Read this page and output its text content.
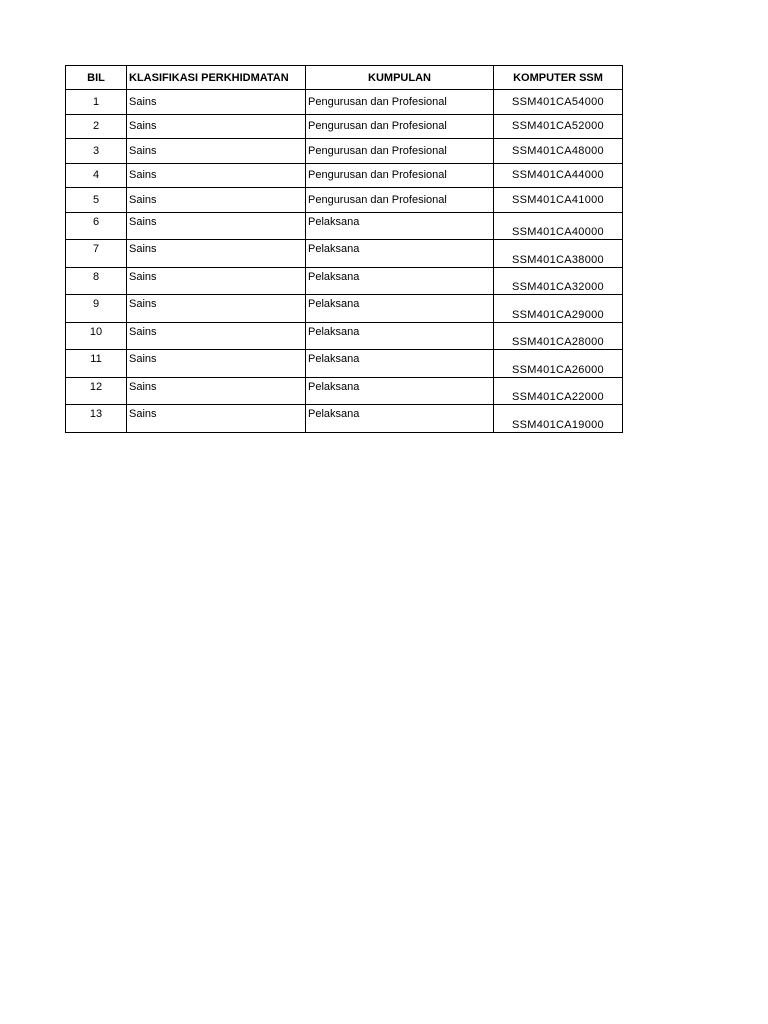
BIL	KLASIFIKASI PERKHIDMATAN	KUMPULAN	KOMPUTER SSM
1	Sains	Pengurusan dan Profesional	SSM401CA54000
2	Sains	Pengurusan dan Profesional	SSM401CA52000
3	Sains	Pengurusan dan Profesional	SSM401CA48000
4	Sains	Pengurusan dan Profesional	SSM401CA44000
5	Sains	Pengurusan dan Profesional	SSM401CA41000
6	Sains	Pelaksana	SSM401CA40000
7	Sains	Pelaksana	SSM401CA38000
8	Sains	Pelaksana	SSM401CA32000
9	Sains	Pelaksana	SSM401CA29000
10	Sains	Pelaksana	SSM401CA28000
11	Sains	Pelaksana	SSM401CA26000
12	Sains	Pelaksana	SSM401CA22000
13	Sains	Pelaksana	SSM401CA19000
